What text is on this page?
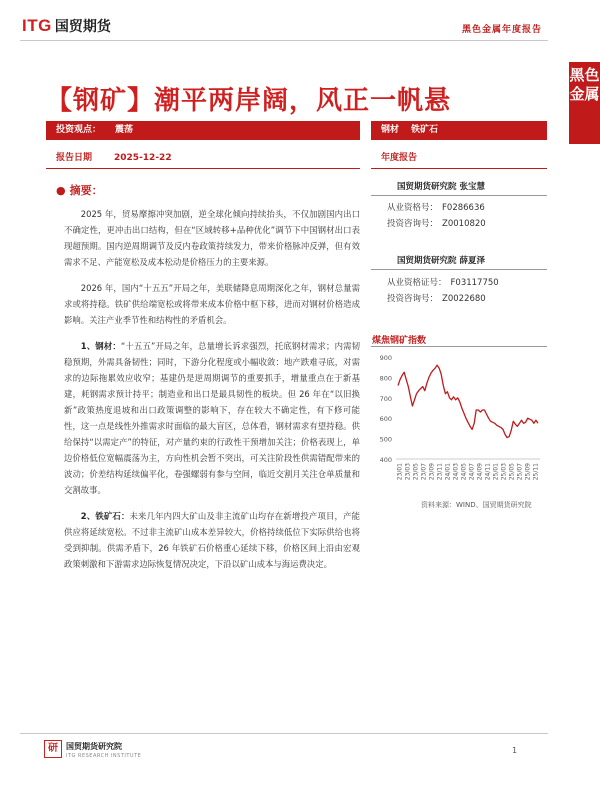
ITG 国贸期货	黑色金属年度报告
黑色
金属
【钢矿】潮平两岸阔，风正一帆悬
投资观点： 震荡	钢材 铁矿石
报告日期 2025-12-22	年度报告
● 摘要：

2025 年，贸易摩擦冲突加剧，逆全球化倾向持续抬头，不仅加剧国内出口不确定性，更冲击出口结构，但在“区域转移+品种优化”调节下中国钢材出口表现超预期。国内逆周期调节及反内卷政策持续发力，带来价格脉冲反弹，但有效需求不足、产能宽松及成本松动是价格压力的主要来源。

2026 年，国内“十五五”开局之年，美联储降息周期深化之年，钢材总量需求或将持稳。铁矿供给端宽松或将带来成本价格中枢下移，进而对钢材价格造成影响。关注产业季节性和结构性的矛盾机会。

1、钢材：“十五五”开局之年，总量增长诉求强烈，托底钢材需求；内需韧稳预期，外需具备韧性；同时，下游分化程度或小幅收敛：地产跌难寻底，对需求的边际拖累效应收窄；基建仍是逆周期调节的重要抓手，增量重点在于新基建，耗钢需求预计持平；制造业和出口是最具韧性的板块。但 26 年在“以旧换新”政策热度退坡和出口政策调整的影响下，存在较大不确定性，有下修可能性，这一点是线性外推需求时面临的最大盲区，总体看，钢材需求有望持稳。供给保持“以需定产”的特征，对产量约束的行政性干预增加关注；价格表现上，单边价格低位宽幅震荡为主，方向性机会暂不突出，可关注阶段性供需错配带来的波动；价差结构延续偏平化，卷强螺弱有参与空间，临近交割月关注仓单质量和交割故事。

2、铁矿石：未来几年内四大矿山及非主流矿山均存在新增投产项目，产能供应将延续宽松。不过非主流矿山成本差异较大，价格持续低位下实际供给也将受到抑制。供需矛盾下，26 年铁矿石价格重心延续下移，价格区间上沿由宏观政策刺激和下游需求边际恢复情况决定，下沿以矿山成本与海运费决定。

国贸期货研究院 张宝慧
从业资格号： F0286636
投资咨询号： Z0010820
国贸期货研究院 薛夏泽
从业资格证号： F03117750
投资咨询号： Z0022680
煤焦钢矿指数
400
500
600
700
800
900
23/01 23/03 23/05 23/07 23/09 23/11 24/01 24/03 24/05 24/07 24/09 24/11 25/01 25/03 25/05 25/07 25/09 25/11
资料来源：WIND、国贸期货研究院
研	国贸期货研究院
ITG RESEARCH INSTITUTE
1
